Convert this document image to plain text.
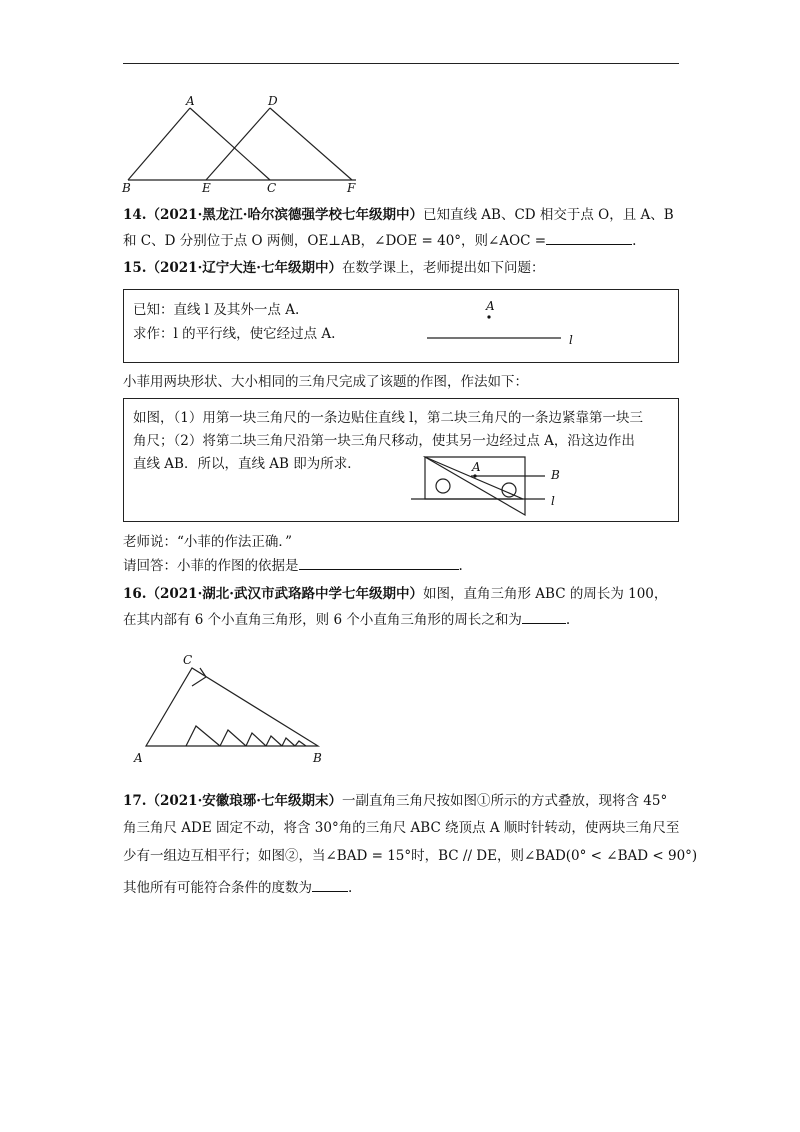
A	D
B	E	C	F
14.（2021·黑龙江·哈尔滨德强学校七年级期中）已知直线 AB、CD 相交于点 O，且 A、B
和 C、D 分别位于点 O 两侧，OE⊥AB，∠DOE = 40°，则∠AOC =	.
15.（2021·辽宁大连·七年级期中）在数学课上，老师提出如下问题：
已知：直线 l 及其外一点 A.
求作：l 的平行线，使它经过点 A.
A
l
小菲用两块形状、大小相同的三角尺完成了该题的作图，作法如下：
如图，（1）用第一块三角尺的一条边贴住直线 l，第二块三角尺的一条边紧靠第一块三
角尺；（2）将第二块三角尺沿第一块三角尺移动，使其另一边经过点 A，沿这边作出
直线 AB．所以，直线 AB 即为所求．	A
B
l
老师说：“小菲的作法正确．”
请回答：小菲的作图的依据是	.
16.（2021·湖北·武汉市武珞路中学七年级期中）如图，直角三角形 ABC 的周长为 100，
在其内部有 6 个小直角三角形，则 6 个小直角三角形的周长之和为	.
C
A	B
17.（2021·安徽琅琊·七年级期末）一副直角三角尺按如图①所示的方式叠放，现将含 45°
角三角尺 ADE 固定不动，将含 30°角的三角尺 ABC 绕顶点 A 顺时针转动，使两块三角尺至
少有一组边互相平行；如图②，当∠BAD = 15°时，BC // DE，则∠BAD(0° < ∠BAD < 90°)
其他所有可能符合条件的度数为	.
